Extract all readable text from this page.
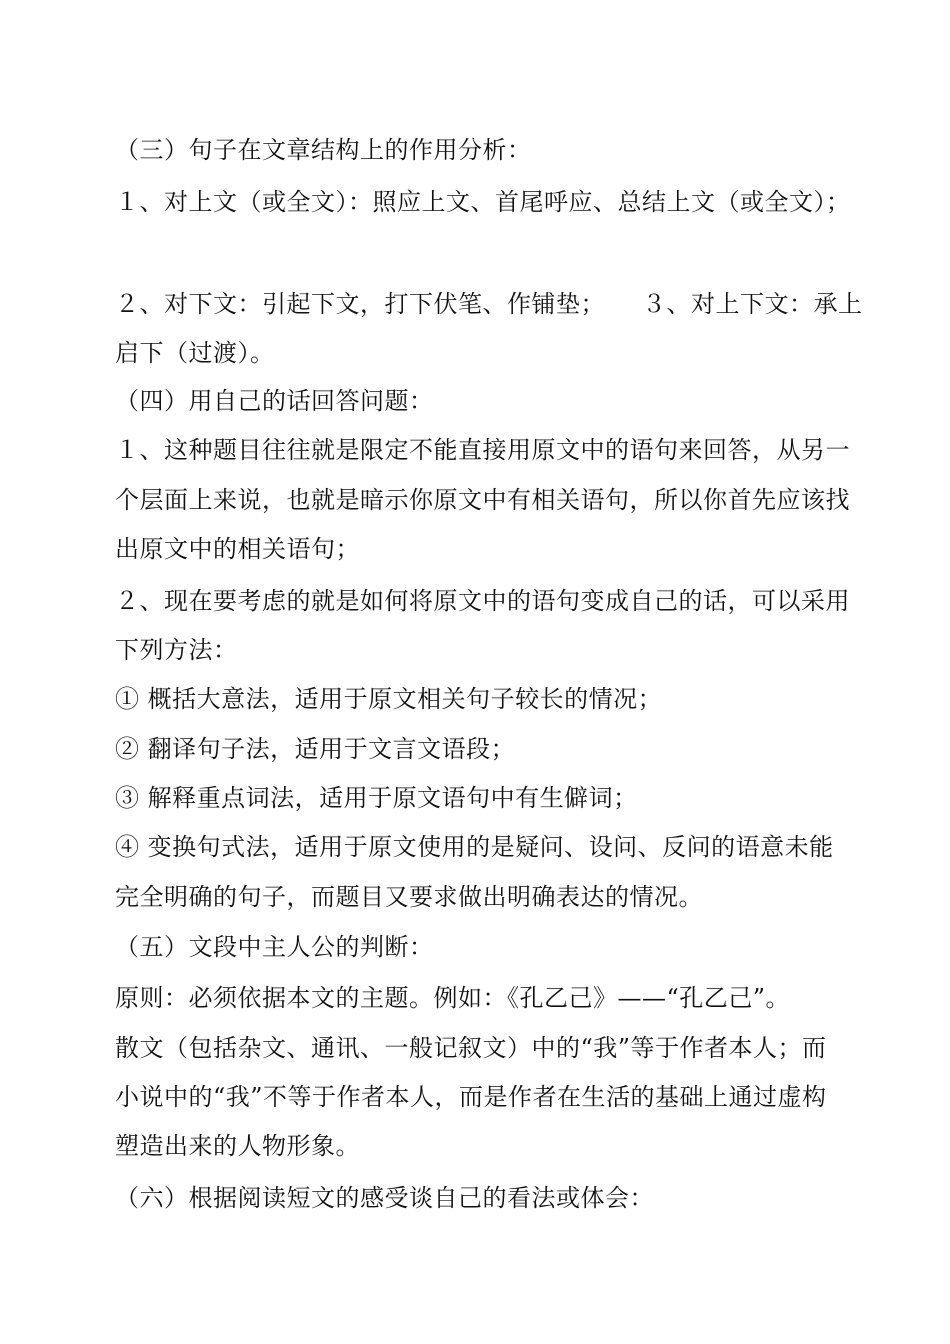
（三）句子在文章结构上的作用分析：
１、对上文（或全文）：照应上文、首尾呼应、总结上文（或全文）；
２、对下文：引起下文，打下伏笔、作铺垫；　　３、对上下文：承上
启下（过渡）。
（四）用自己的话回答问题：
１、这种题目往往就是限定不能直接用原文中的语句来回答，从另一
个层面上来说，也就是暗示你原文中有相关语句，所以你首先应该找
出原文中的相关语句；
２、现在要考虑的就是如何将原文中的语句变成自己的话，可以采用
下列方法：
① 概括大意法，适用于原文相关句子较长的情况；
② 翻译句子法，适用于文言文语段；
③ 解释重点词法，适用于原文语句中有生僻词；
④ 变换句式法，适用于原文使用的是疑问、设问、反问的语意未能
完全明确的句子，而题目又要求做出明确表达的情况。
（五）文段中主人公的判断：
原则：必须依据本文的主题。例如：《孔乙己》——“孔乙己”。
散文（包括杂文、通讯、一般记叙文）中的“我”等于作者本人；而
小说中的“我”不等于作者本人，而是作者在生活的基础上通过虚构
塑造出来的人物形象。
（六）根据阅读短文的感受谈自己的看法或体会：
